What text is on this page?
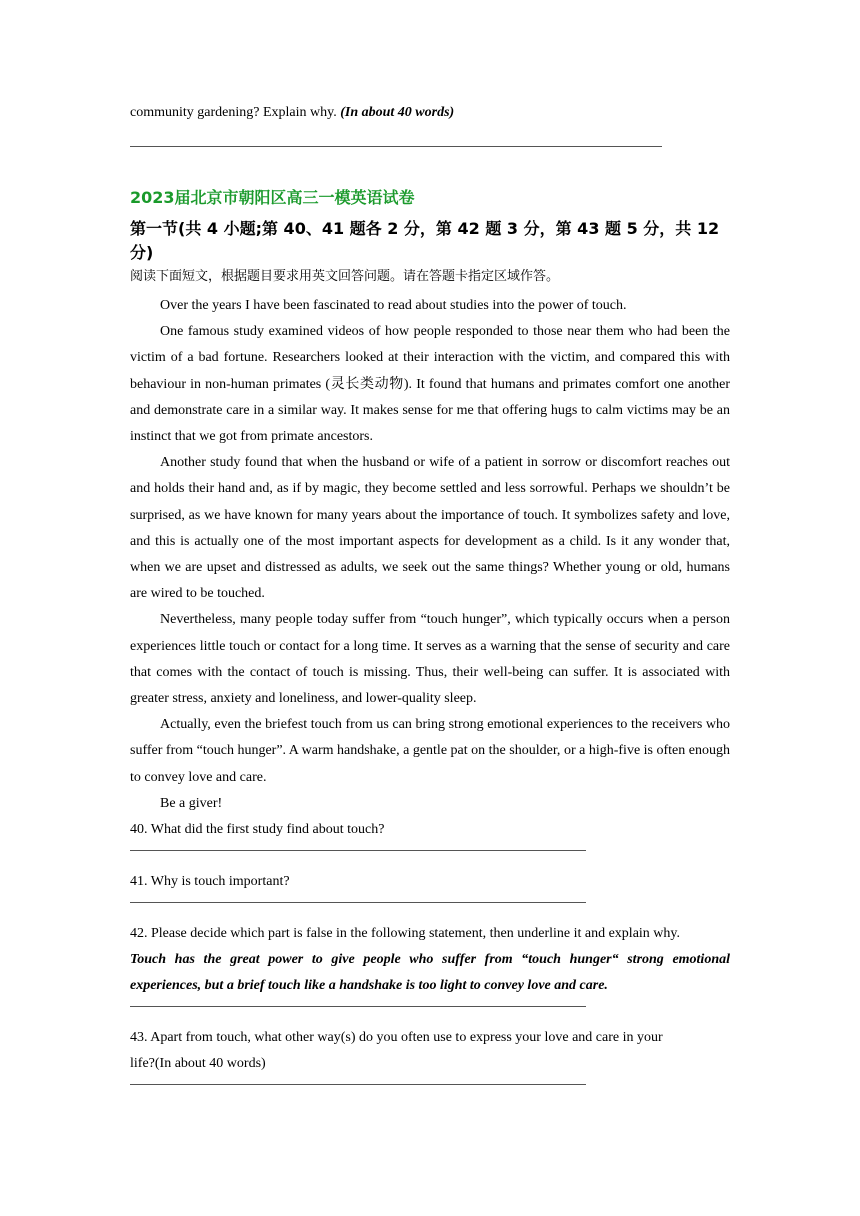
community gardening? Explain why. (In about 40 words)

2023届北京市朝阳区高三一模英语试卷

第一节(共 4 小题;第 40、41 题各 2 分，第 42 题 3 分，第 43 题 5 分，共 12 分)

阅读下面短文，根据题目要求用英文回答问题。请在答题卡指定区域作答。

Over the years I have been fascinated to read about studies into the power of touch.

One famous study examined videos of how people responded to those near them who had been the victim of a bad fortune. Researchers looked at their interaction with the victim, and compared this with behaviour in non-human primates (灵长类动物). It found that humans and primates comfort one another and demonstrate care in a similar way. It makes sense for me that offering hugs to calm victims may be an instinct that we got from primate ancestors.

Another study found that when the husband or wife of a patient in sorrow or discomfort reaches out and holds their hand and, as if by magic, they become settled and less sorrowful. Perhaps we shouldn’t be surprised, as we have known for many years about the importance of touch. It symbolizes safety and love, and this is actually one of the most important aspects for development as a child. Is it any wonder that, when we are upset and distressed as adults, we seek out the same things? Whether young or old, humans are wired to be touched.

Nevertheless, many people today suffer from “touch hunger”, which typically occurs when a person experiences little touch or contact for a long time. It serves as a warning that the sense of security and care that comes with the contact of touch is missing. Thus, their well-being can suffer. It is associated with greater stress, anxiety and loneliness, and lower-quality sleep.

Actually, even the briefest touch from us can bring strong emotional experiences to the receivers who suffer from “touch hunger”. A warm handshake, a gentle pat on the shoulder, or a high-five is often enough to convey love and care.

Be a giver!

40. What did the first study find about touch?

41. Why is touch important?

42. Please decide which part is false in the following statement, then underline it and explain why.

Touch has the great power to give people who suffer from “touch hunger“ strong emotional experiences, but a brief touch like a handshake is too light to convey love and care.

43. Apart from touch, what other way(s) do you often use to express your love and care in your

life?(In about 40 words)
